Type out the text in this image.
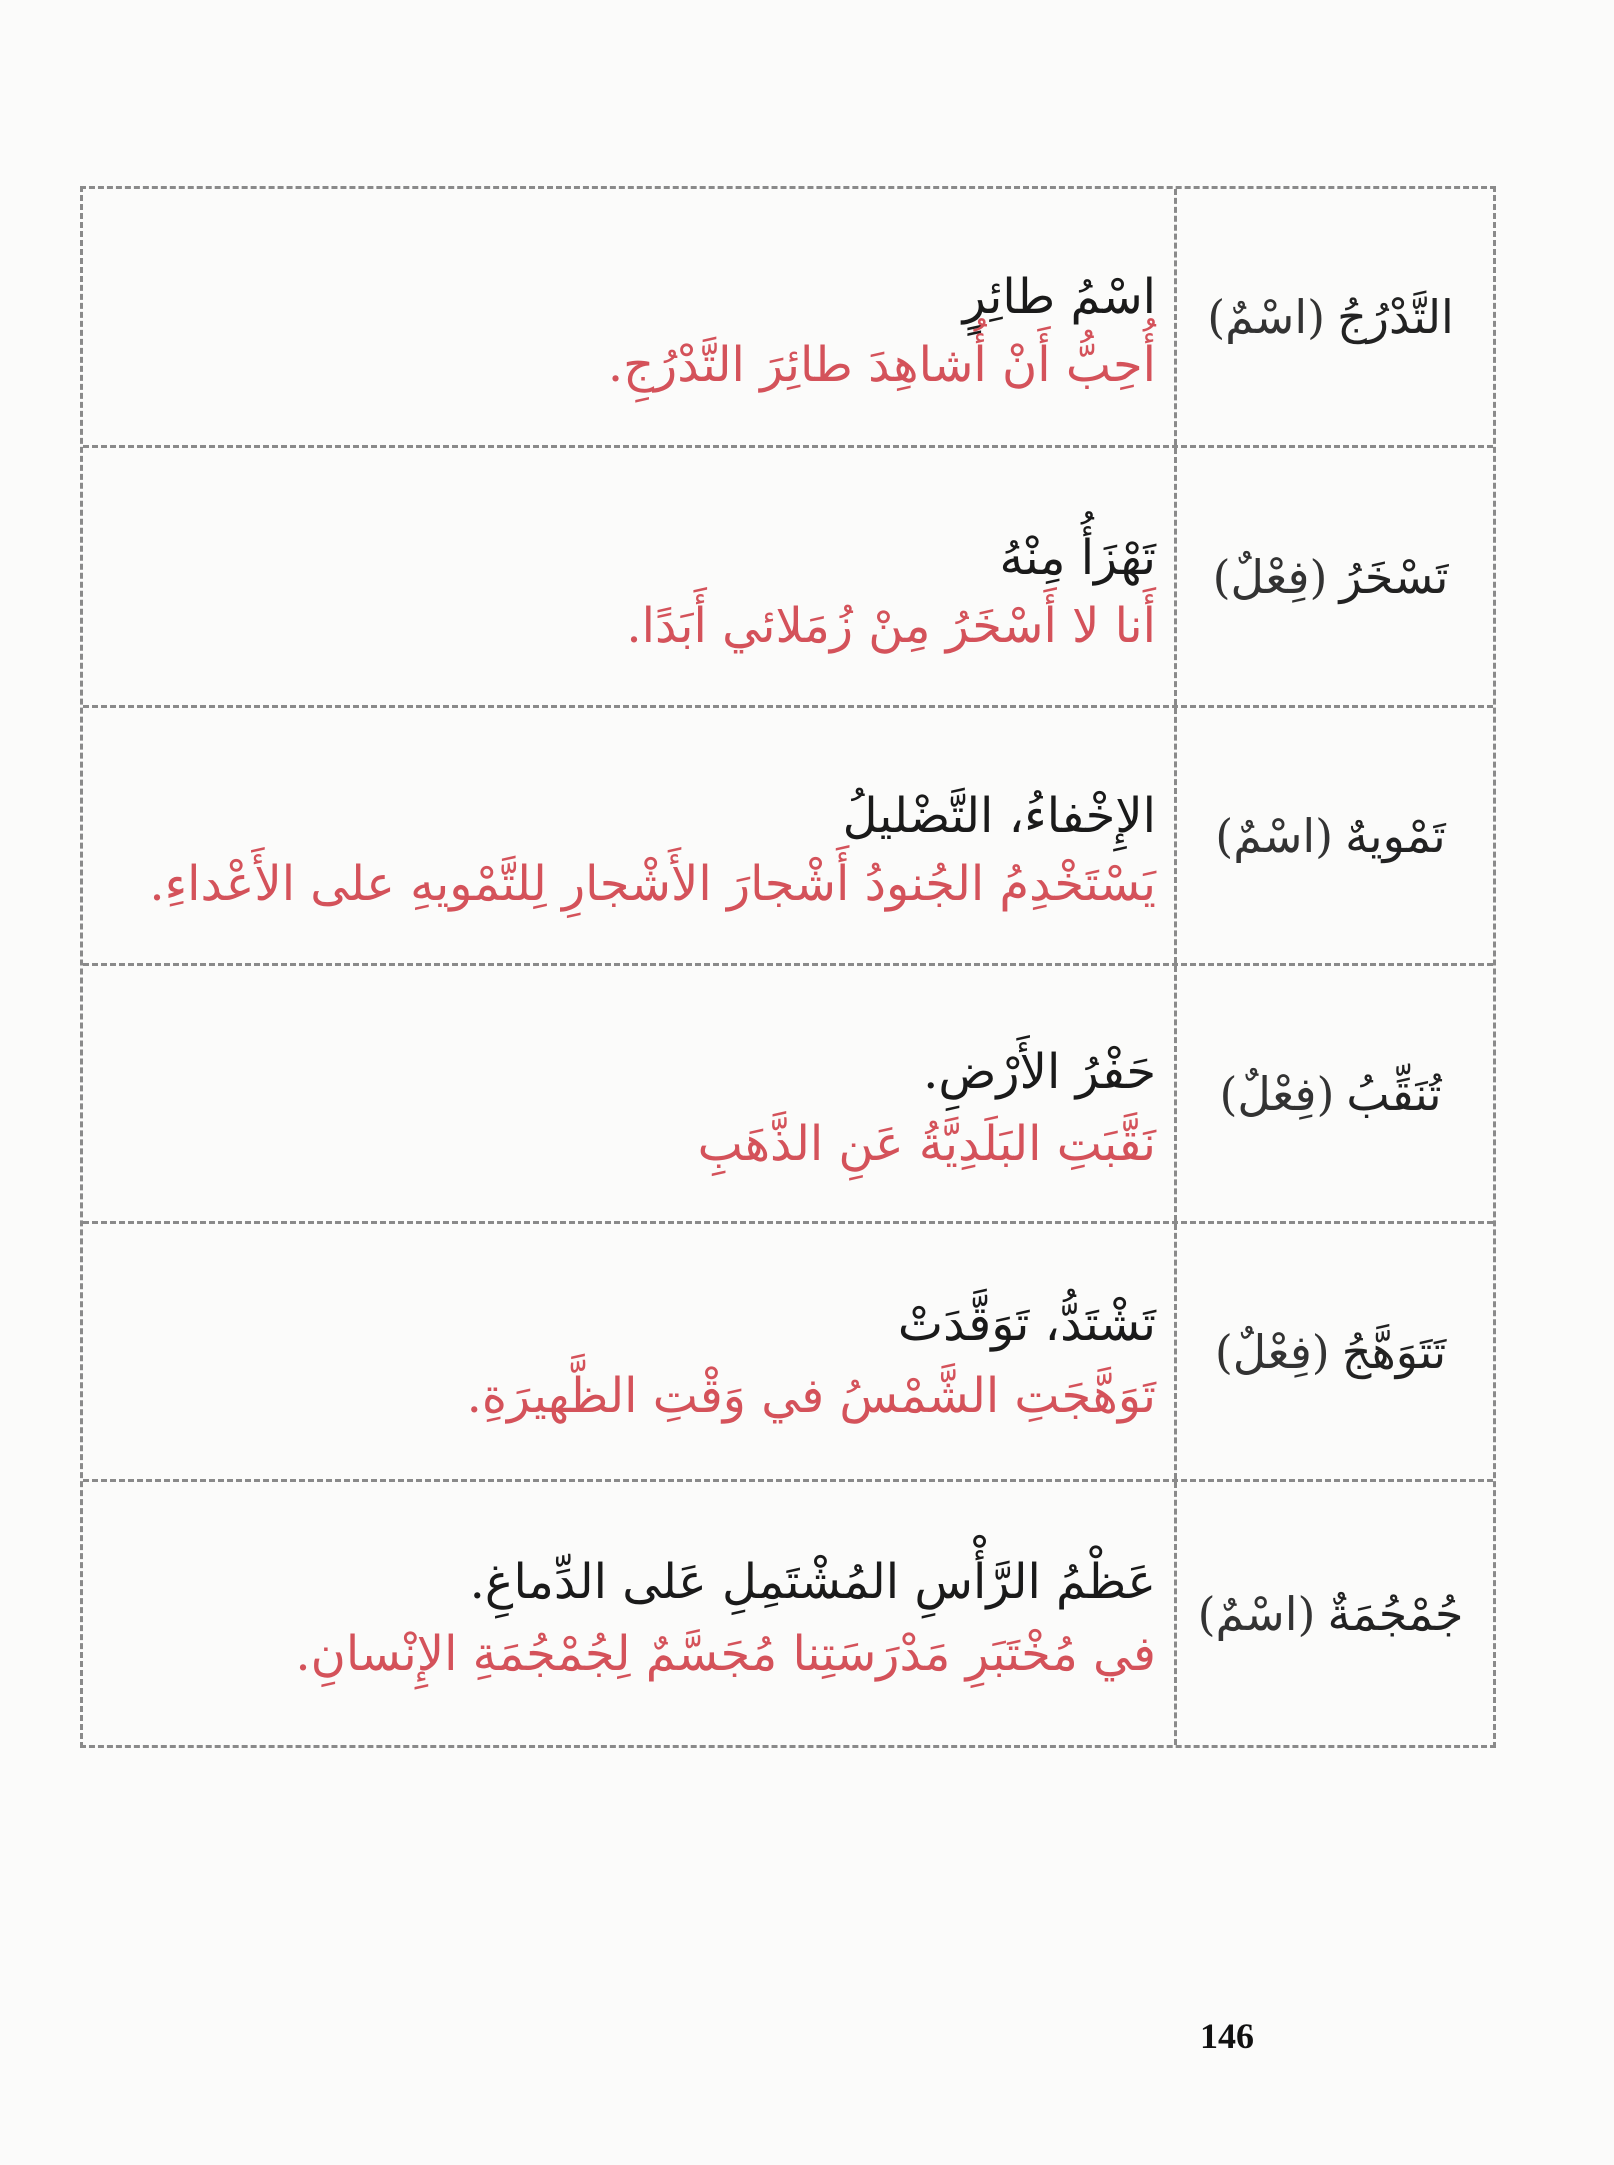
التَّدْرُجُ
(اسْمٌ)
اسْمُ طائِرٍ
أُحِبُّ أَنْ أُشاهِدَ طائِرَ التَّدْرُجِ.
تَسْخَرُ
(فِعْلٌ)
تَهْزَأُ مِنْهُ
أَنا لا أَسْخَرُ مِنْ زُمَلائي أَبَدًا.
تَمْويهٌ
(اسْمٌ)
الإِخْفاءُ، التَّضْليلُ
يَسْتَخْدِمُ الجُنودُ أَشْجارَ الأَشْجارِ لِلتَّمْويهِ على الأَعْداءِ.
تُنَقِّبُ
(فِعْلٌ)
حَفْرُ الأَرْضِ.
نَقَّبَتِ البَلَدِيَّةُ عَنِ الذَّهَبِ
تَتَوَهَّجُ
(فِعْلٌ)
تَشْتَدُّ، تَوَقَّدَتْ
تَوَهَّجَتِ الشَّمْسُ في وَقْتِ الظَّهيرَةِ.
جُمْجُمَةٌ
(اسْمٌ)
عَظْمُ الرَّأْسِ المُشْتَمِلِ عَلى الدِّماغِ.
في مُخْتَبَرِ مَدْرَسَتِنا مُجَسَّمٌ لِجُمْجُمَةِ الإِنْسانِ.
146
